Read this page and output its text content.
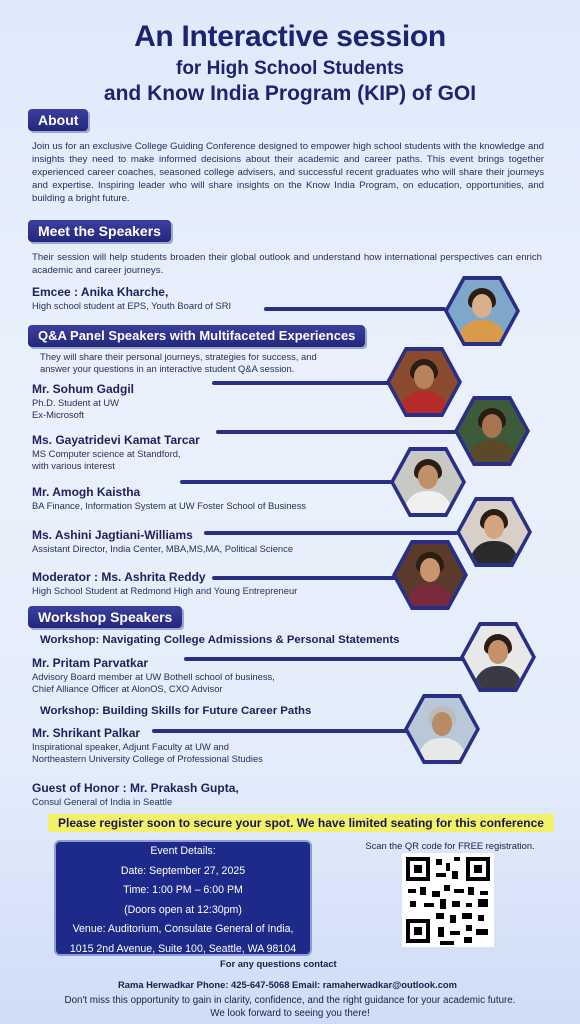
An Interactive session
for High School Students
and Know India Program (KIP) of GOI
About
Join us for an exclusive College Guiding Conference designed to empower high school students with the knowledge and insights they need to make informed decisions about their academic and career paths. This event brings together experienced career coaches, seasoned college advisers, and successful recent graduates who will share their journeys and expertise. Inspiring leader who will share insights on the Know India Program, on education, opportunities, and building a bright future.
Meet the Speakers
Their session will help students broaden their global outlook and understand how international perspectives can enrich academic and career journeys.
Emcee : Anika Kharche,
High school student at EPS, Youth Board of SRI
Q&A Panel Speakers with Multifaceted Experiences
They will share their personal journeys, strategies for success, and
answer your questions in an interactive student Q&A session.
Mr. Sohum Gadgil
Ph.D. Student at UW
Ex-Microsoft
Ms. Gayatridevi Kamat Tarcar
MS Computer science at Standford,
with various interest
Mr. Amogh Kaistha
BA Finance, Information System at UW Foster School of Business
Ms. Ashini Jagtiani-Williams
Assistant Director, India Center, MBA,MS,MA, Political Science
Moderator : Ms. Ashrita Reddy
High School Student at Redmond High and Young Entrepreneur
Workshop Speakers
Workshop: Navigating College Admissions & Personal Statements
Mr. Pritam Parvatkar
Advisory Board member at UW Bothell school of business,
Chief Alliance Officer at AlonOS, CXO Advisor
Workshop: Building Skills for Future Career Paths
Mr. Shrikant Palkar
Inspirational speaker, Adjunt Faculty at UW and
Northeastern University College of Professional Studies
Guest of Honor : Mr. Prakash Gupta,
Consul General of India in Seattle
Please register soon to secure your spot. We have limited seating for this conference
Event Details:
Date: September 27, 2025
Time: 1:00 PM – 6:00 PM
(Doors open at 12:30pm)
Venue: Auditorium, Consulate General of India,
1015 2nd Avenue, Suite 100, Seattle, WA 98104
Scan the QR code for FREE registration.
For any questions contact
Rama Herwadkar Phone: 425-647-5068 Email: ramaherwadkar@outlook.com
Don't miss this opportunity to gain in clarity, confidence, and the right guidance for your academic future.
We look forward to seeing you there!
